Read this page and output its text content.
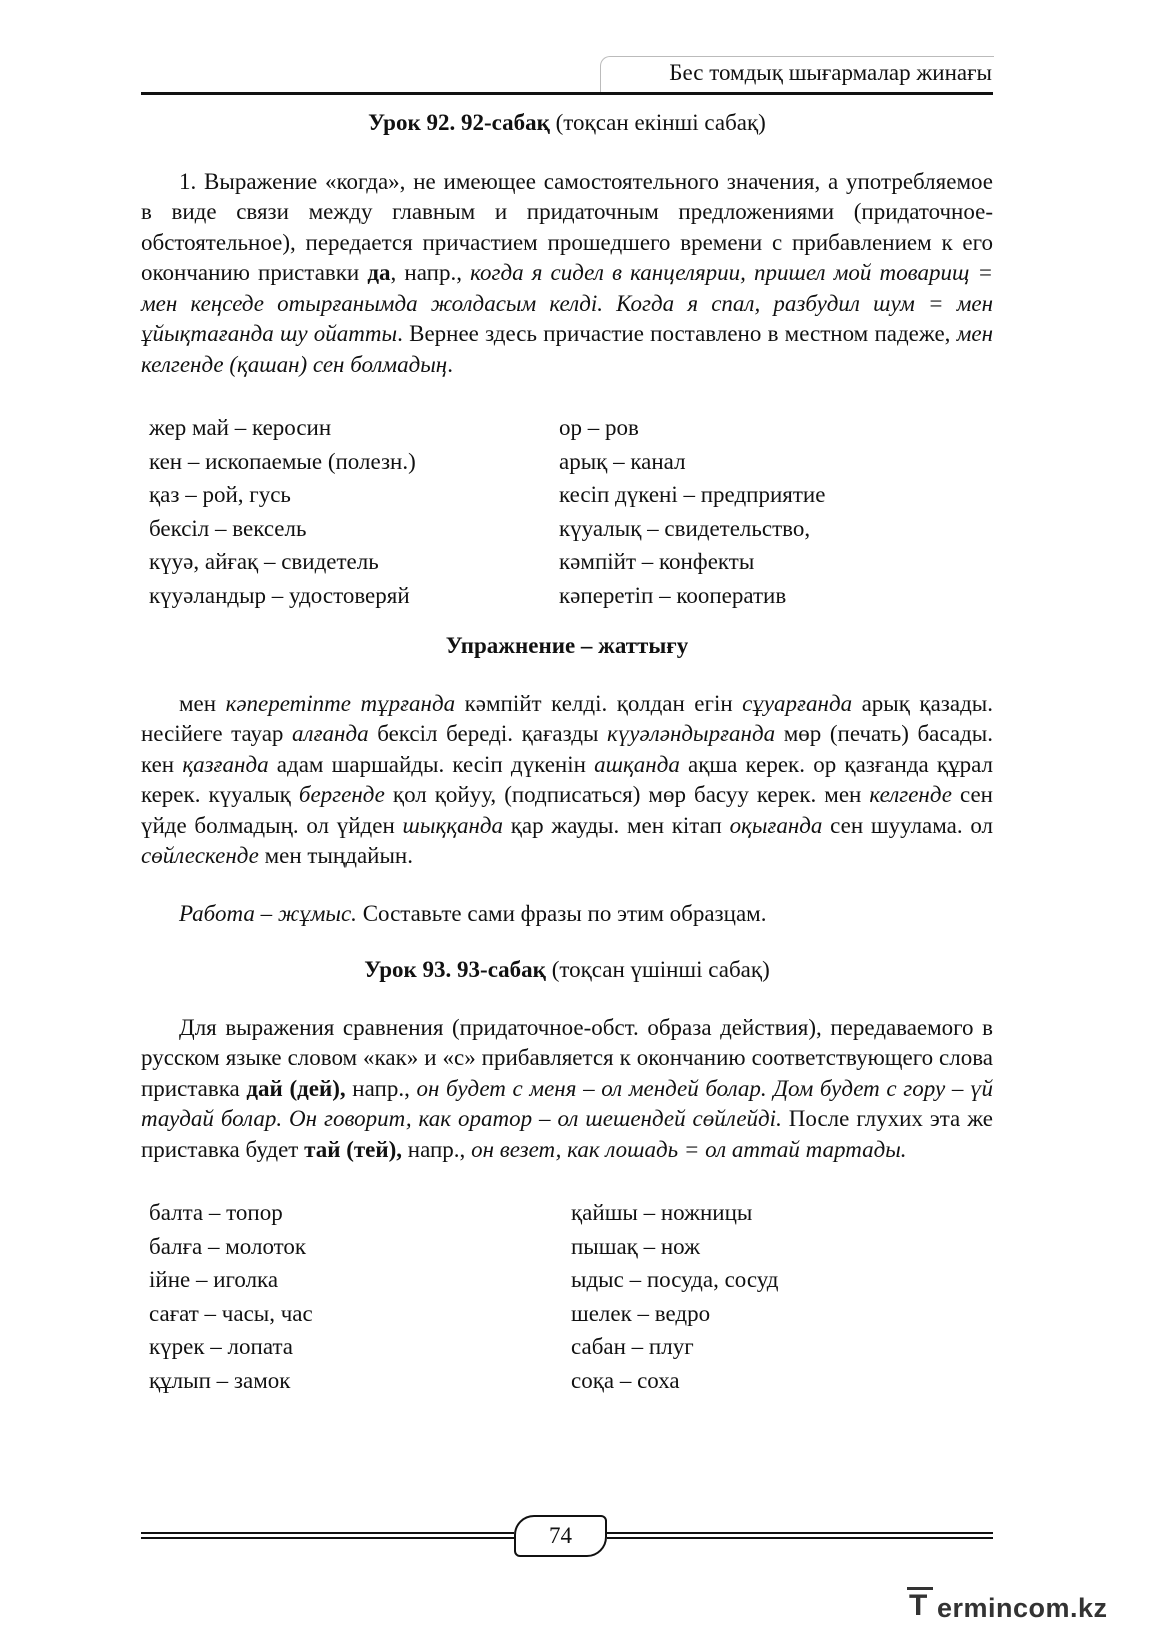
Бес томдық шығармалар жинағы

Урок 92. 92-сабақ (тоқсан екінші сабақ)

1. Выражение «когда», не имеющее самостоятельного значения, а употребляемое в виде связи между главным и придаточным предложениями (придаточное-обстоятельное), передается причастием прошедшего времени с прибавлением к его окончанию приставки да, напр., когда я сидел в канцелярии, пришел мой товарищ = мен кеңседе отырғанымда жолдасым келді. Когда я спал, разбудил шум = мен ұйықтағанда шу ойатты. Вернее здесь причастие поставлено в местном падеже, мен келгенде (қашан) сен болмадың.

жер май – керосин	ор – ров
кен – ископаемые (полезн.)	арық – канал
қаз – рой, гусь	кесіп дүкені – предприятие
бексіл – вексель	күуалық – свидетельство,
күуә, айғақ – свидетель	кәмпійт – конфекты
күуәландыр – удостоверяй	кәперетіп – кооператив

Упражнение – жаттығу

мен кәперетіпте тұрғанда кәмпійт келді. қолдан егін сұуарғанда арық қазады. несійеге тауар алғанда бексіл береді. қағазды күуәләндырғанда мөр (печать) басады. кен қазғанда адам шаршайды. кесіп дүкенін ашқанда ақша керек. ор қазғанда құрал керек. күуалық бергенде қол қойуу, (подписаться) мөр басуу керек. мен келгенде сен үйде болмадың. ол үйден шыққанда қар жауды. мен кітап оқығанда сен шуулама. ол сөйлескенде мен тыңдайын.

Работа – жұмыс. Составьте сами фразы по этим образцам.

Урок 93. 93-сабақ (тоқсан үшінші сабақ)

Для выражения сравнения (придаточное-обст. образа действия), передаваемого в русском языке словом «как» и «с» прибавляется к окончанию соответствующего слова приставка дай (дей), напр., он будет с меня – ол мендей болар. Дом будет с гору – үй таудай болар. Он говорит, как оратор – ол шешендей сөйлейді. После глухих эта же приставка будет тай (тей), напр., он везет, как лошадь = ол аттай тартады.

балта – топор	қайшы – ножницы
балға – молоток	пышақ – нож
ійне – иголка	ыдыс – посуда, сосуд
сағат – часы, час	шелек – ведро
күрек – лопата	сабан – плуг
құлып – замок	соқа – соха
74
T ermincom.kz
